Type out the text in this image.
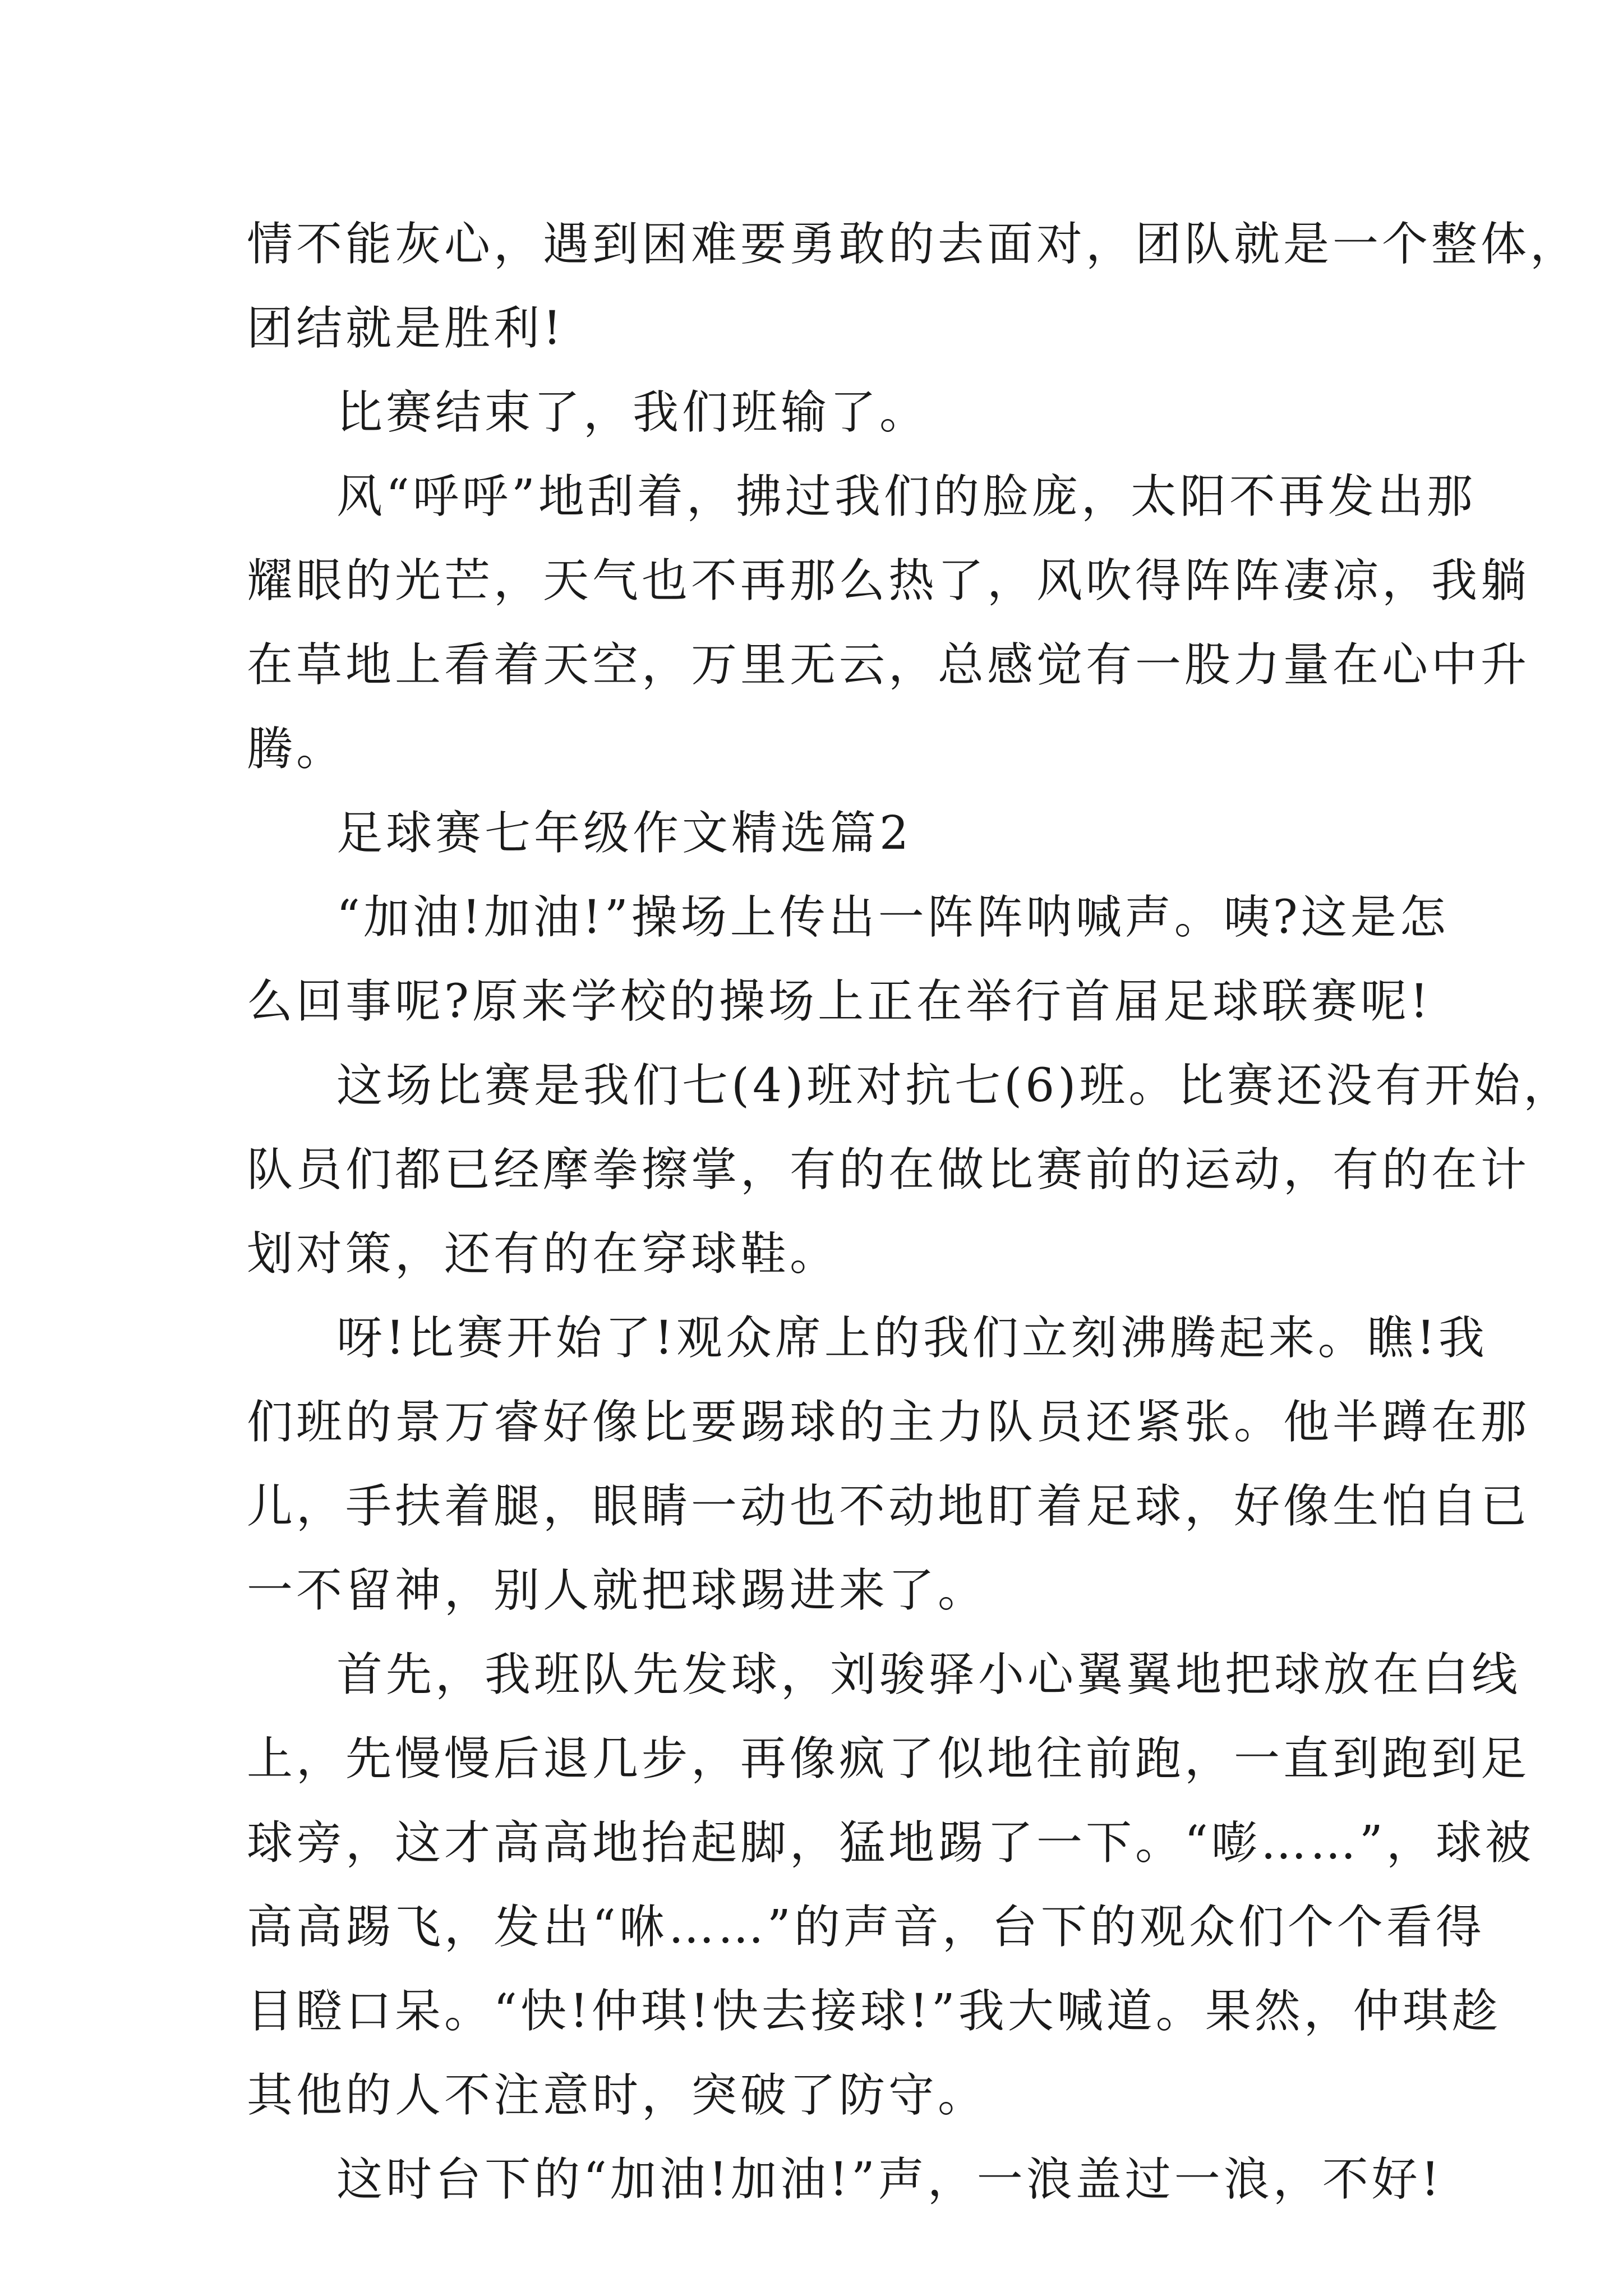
情不能灰心，遇到困难要勇敢的去面对，团队就是一个整体，
团结就是胜利!
比赛结束了，我们班输了。
风“呼呼”地刮着，拂过我们的脸庞，太阳不再发出那
耀眼的光芒，天气也不再那么热了，风吹得阵阵凄凉，我躺
在草地上看着天空，万里无云，总感觉有一股力量在心中升
腾。
足球赛七年级作文精选篇2
“加油!加油!”操场上传出一阵阵呐喊声。咦?这是怎
么回事呢?原来学校的操场上正在举行首届足球联赛呢!
这场比赛是我们七(4)班对抗七(6)班。比赛还没有开始，
队员们都已经摩拳擦掌，有的在做比赛前的运动，有的在计
划对策，还有的在穿球鞋。
呀!比赛开始了!观众席上的我们立刻沸腾起来。瞧!我
们班的景万睿好像比要踢球的主力队员还紧张。他半蹲在那
儿，手扶着腿，眼睛一动也不动地盯着足球，好像生怕自已
一不留神，别人就把球踢进来了。
首先，我班队先发球，刘骏驿小心翼翼地把球放在白线
上，先慢慢后退几步，再像疯了似地往前跑，一直到跑到足
球旁，这才高高地抬起脚，猛地踢了一下。“嘭……”，球被
高高踢飞，发出“咻……”的声音，台下的观众们个个看得
目瞪口呆。“快!仲琪!快去接球!”我大喊道。果然，仲琪趁
其他的人不注意时，突破了防守。
这时台下的“加油!加油!”声，一浪盖过一浪，不好!
